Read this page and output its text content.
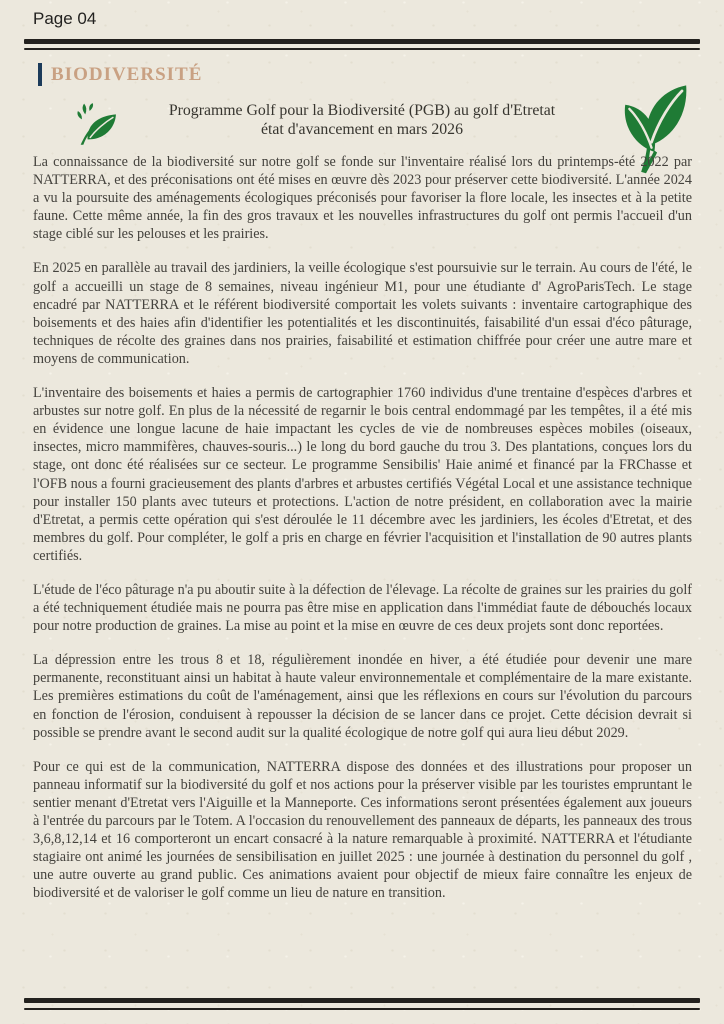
Page 04
BIODIVERSITÉ
Programme Golf pour la Biodiversité (PGB) au golf d'Etretat
état d'avancement en mars 2026

La connaissance de la biodiversité sur notre golf se fonde sur l'inventaire réalisé lors du printemps-été 2022 par NATTERRA, et des préconisations ont été mises en œuvre dès 2023 pour préserver cette biodiversité. L'année 2024 a vu la poursuite des aménagements écologiques préconisés pour favoriser la flore locale, les insectes et à la petite faune. Cette même année, la fin des gros travaux et les nouvelles infrastructures du golf ont permis l'accueil d'un stage ciblé sur les pelouses et les prairies.

En 2025 en parallèle au travail des jardiniers, la veille écologique s'est poursuivie sur le terrain. Au cours de l'été, le golf a accueilli un stage de 8 semaines, niveau ingénieur M1, pour une étudiante d' AgroParisTech. Le stage encadré par NATTERRA et le référent biodiversité comportait les volets suivants : inventaire cartographique des boisements et des haies afin d'identifier les potentialités et les discontinuités, faisabilité d'un essai d'éco pâturage, techniques de récolte des graines dans nos prairies, faisabilité et estimation chiffrée pour créer une autre mare et moyens de communication.

L'inventaire des boisements et haies a permis de cartographier 1760 individus d'une trentaine d'espèces d'arbres et arbustes sur notre golf. En plus de la nécessité de regarnir le bois central endommagé par les tempêtes, il a été mis en évidence une longue lacune de haie impactant les cycles de vie de nombreuses espèces mobiles (oiseaux, insectes, micro mammifères, chauves-souris...) le long du bord gauche du trou 3. Des plantations, conçues lors du stage, ont donc été réalisées sur ce secteur. Le programme Sensibilis' Haie animé et financé par la FRChasse et l'OFB nous a fourni gracieusement des plants d'arbres et arbustes certifiés Végétal Local et une assistance technique pour installer 150 plants avec tuteurs et protections. L'action de notre président, en collaboration avec la mairie d'Etretat, a permis cette opération qui s'est déroulée le 11 décembre avec les jardiniers, les écoles d'Etretat, et des membres du golf. Pour compléter, le golf a pris en charge en février l'acquisition et l'installation de 90 autres plants certifiés.

L'étude de l'éco pâturage n'a pu aboutir suite à la défection de l'élevage. La récolte de graines sur les prairies du golf a été techniquement étudiée mais ne pourra pas être mise en application dans l'immédiat faute de débouchés locaux pour notre production de graines. La mise au point et la mise en œuvre de ces deux projets sont donc reportées.

La dépression entre les trous 8 et 18, régulièrement inondée en hiver, a été étudiée pour devenir une mare permanente, reconstituant ainsi un habitat à haute valeur environnementale et complémentaire de la mare existante. Les premières estimations du coût de l'aménagement, ainsi que les réflexions en cours sur l'évolution du parcours en fonction de l'érosion, conduisent à repousser la décision de se lancer dans ce projet. Cette décision devrait si possible se prendre avant le second audit sur la qualité écologique de notre golf qui aura lieu début 2029.

Pour ce qui est de la communication, NATTERRA dispose des données et des illustrations pour proposer un panneau informatif sur la biodiversité du golf et nos actions pour la préserver visible par les touristes empruntant le sentier menant d'Etretat vers l'Aiguille et la Manneporte. Ces informations seront présentées également aux joueurs à l'entrée du parcours par le Totem. A l'occasion du renouvellement des panneaux de départs, les panneaux des trous 3,6,8,12,14 et 16 comporteront un encart consacré à la nature remarquable à proximité. NATTERRA et l'étudiante stagiaire ont animé les journées de sensibilisation en juillet 2025 : une journée à destination du personnel du golf , une autre ouverte au grand public. Ces animations avaient pour objectif de mieux faire connaître les enjeux de biodiversité et de valoriser le golf comme un lieu de nature en transition.
